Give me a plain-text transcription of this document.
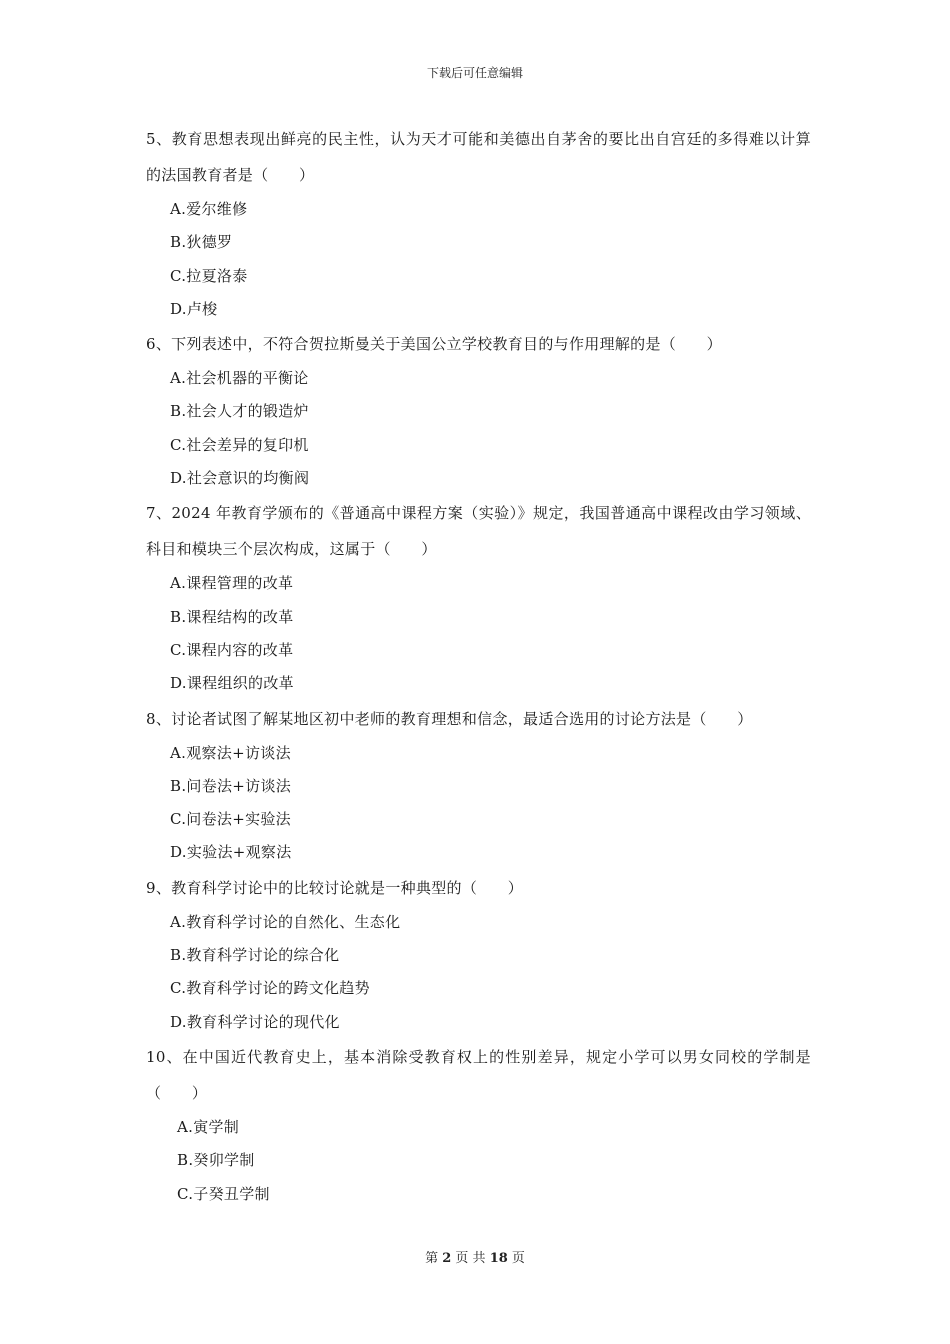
下载后可任意编辑
5、教育思想表现出鲜亮的民主性，认为天才可能和美德出自茅舍的要比出自宫廷的多得难以计算的法国教育者是（　　）
A.爱尔维修
B.狄德罗
C.拉夏洛泰
D.卢梭
6、下列表述中，不符合贺拉斯曼关于美国公立学校教育目的与作用理解的是（　　）
A.社会机器的平衡论
B.社会人才的锻造炉
C.社会差异的复印机
D.社会意识的均衡阀
7、2024 年教育学颁布的《普通高中课程方案（实验）》规定，我国普通高中课程改由学习领域、科目和模块三个层次构成，这属于（　　）
A.课程管理的改革
B.课程结构的改革
C.课程内容的改革
D.课程组织的改革
8、讨论者试图了解某地区初中老师的教育理想和信念，最适合选用的讨论方法是（　　）
A.观察法+访谈法
B.问卷法+访谈法
C.问卷法+实验法
D.实验法+观察法
9、教育科学讨论中的比较讨论就是一种典型的（　　）
A.教育科学讨论的自然化、生态化
B.教育科学讨论的综合化
C.教育科学讨论的跨文化趋势
D.教育科学讨论的现代化
10、在中国近代教育史上，基本消除受教育权上的性别差异，规定小学可以男女同校的学制是（　　）
A.寅学制
B.癸卯学制
C.子癸丑学制
第 2 页 共 18 页
